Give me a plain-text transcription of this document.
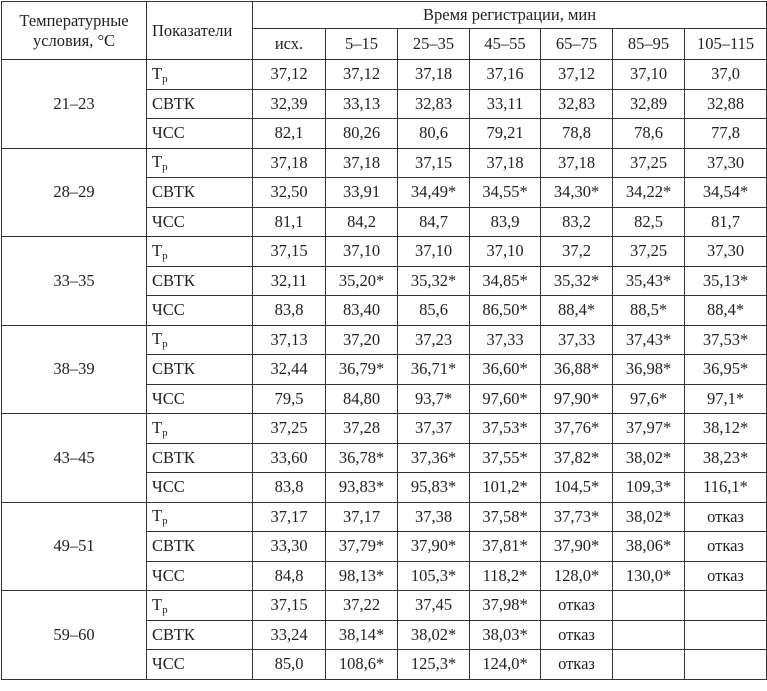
Температурные
условия, °С	Показатели	Время регистрации, мин						
		исх.	5–15	25–35	45–55	65–75	85–95	105–115
21–23	$Т_р$	37,12	37,12	37,18	37,16	37,12	37,10	37,0
	СВТК	32,39	33,13	32,83	33,11	32,83	32,89	32,88
	ЧСС	82,1	80,26	80,6	79,21	78,8	78,6	77,8
28–29	$Т_р$	37,18	37,18	37,15	37,18	37,18	37,25	37,30
	СВТК	32,50	33,91	34,49*	34,55*	34,30*	34,22*	34,54*
	ЧСС	81,1	84,2	84,7	83,9	83,2	82,5	81,7
33–35	$Т_р$	37,15	37,10	37,10	37,10	37,2	37,25	37,30
	СВТК	32,11	35,20*	35,32*	34,85*	35,32*	35,43*	35,13*
	ЧСС	83,8	83,40	85,6	86,50*	88,4*	88,5*	88,4*
38–39	$Т_р$	37,13	37,20	37,23	37,33	37,33	37,43*	37,53*
	СВТК	32,44	36,79*	36,71*	36,60*	36,88*	36,98*	36,95*
	ЧСС	79,5	84,80	93,7*	97,60*	97,90*	97,6*	97,1*
43–45	$Т_р$	37,25	37,28	37,37	37,53*	37,76*	37,97*	38,12*
	СВТК	33,60	36,78*	37,36*	37,55*	37,82*	38,02*	38,23*
	ЧСС	83,8	93,83*	95,83*	101,2*	104,5*	109,3*	116,1*
49–51	$Т_р$	37,17	37,17	37,38	37,58*	37,73*	38,02*	отказ
	СВТК	33,30	37,79*	37,90*	37,81*	37,90*	38,06*	отказ
	ЧСС	84,8	98,13*	105,3*	118,2*	128,0*	130,0*	отказ
59–60	$Т_р$	37,15	37,22	37,45	37,98*	отказ		
	СВТК	33,24	38,14*	38,02*	38,03*	отказ		
	ЧСС	85,0	108,6*	125,3*	124,0*	отказ		
